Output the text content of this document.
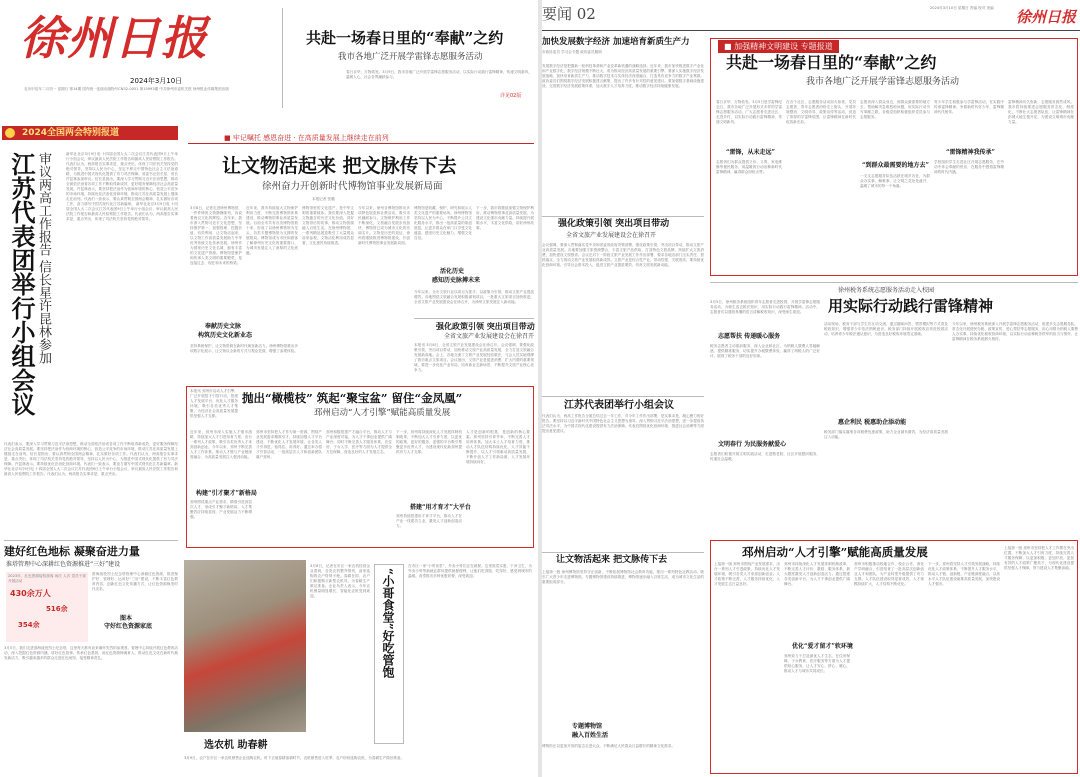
徐州日报
2024年3月10日
农历甲辰年二月初一 星期日 第14期 国内统一连续出版物号CN32-0051 第15993期 中共徐州市委机关报 徐州报业传媒集团出版
共赴一场春日里的“奉献”之约
我市各地广泛开展学雷锋志愿服务活动
春日京华，万物勃发。3月9日，我市各地广泛开展学雷锋志愿服务活动，以实际行动践行雷锋精神，传递文明新风，温暖人心，社会各界踊跃参与。
详见02版
2024全国两会特别报道	■ 牢记嘱托 感恩奋进 · 在高质量发展上继续走在前列
江苏代表团举行小组会议 审议两高工作报告 信长星许昆林参加 新华社北京3月9日电 十四届全国人大二次会议江苏代表团9日上午举行小组会议，审议最高人民法院工作报告和最高人民检察院工作报告。代表们认为，两高报告实事求是、重点突出，体现了司法机关坚持党的绝对领导，坚持以人民为中心，坚定不移走中国特色社会主义法治道路，为推进中国式现代化提供了有力司法保障。省委书记信长星、省长许昆林参加审议。信长星指出，要深入学习贯彻习近平法治思想，推动全面依法治省各项工作不断取得新成效，更好服务保障经济社会高质量发展。许昆林表示，要坚持把法治作为营商环境的核心，营造公平竞争的市场环境，持续优化法治化营商环境，推动江苏在高质量发展上继续走在前列。代表们一致表示，要认真贯彻全国两会精神，扎实做好各项工作，奋力谱写中国式现代化江苏新篇章。 新华社北京3月9日电 十四届全国人大二次会议江苏代表团9日上午举行小组会议，审议最高人民法院工作报告和最高人民检察院工作报告。代表们认为，两高报告实事求是、重点突出，体现了司法机关坚持党的绝对领导。
代表们表示，要深入学习贯彻习近平法治思想，推动全面依法治省各项工作不断取得新成效，更好服务保障经济社会高质量发展。要坚持把法治作为营商环境的核心，营造公平竞争的市场环境，推动江苏在高质量发展上继续走在前列。信长星指出，要认真贯彻全国两会精神，扎实做好各项工作。代表们认为，两高报告实事求是、重点突出，体现了司法机关坚持党的绝对领导，坚持以人民为中心，为推进中国式现代化提供了有力司法保障。许昆林表示，要持续优化法治化营商环境。代表们一致表示，要奋力谱写中国式现代化江苏新篇章。新华社北京3月9日电 十四届全国人大二次会议江苏代表团9日上午举行小组会议，审议最高人民法院工作报告和最高人民检察院工作报告。代表们认为，两高报告实事求是、重点突出。	让文物活起来 把文脉传下去
徐州奋力开创新时代博物馆事业发展新局面
本报记者 张璐
3月8日，记者走进徐州博物馆，一件件珍贵文物静静陈列，诉说着两汉文化的辉煌。近年来，我市深入贯彻习近平文化思想，坚持保护第一、加强管理、挖掘价值、有效利用、让文物活起来，以文物工作高质量发展助力中华优秀传统文化传承发展。徐州作为国家历史文化名城，拥有丰富的文化遗产资源。博物馆是保护和传承人类文明的重要殿堂，是连接过去、现在和未来的桥梁。
近年来，我市持续加大文物保护利用力度，不断完善博物馆体系建设，推动博物馆事业高质量发展。目前全市共有各类博物馆数十家，形成了以徐州博物馆为龙头、各类专题博物馆为支撑的发展格局。博物馆成为市民和游客了解徐州历史文化的重要窗口，为城市发展注入了深厚的文化底蕴。
博物馆里的文化遗产，是中华文明的重要载体。我们要深入挖掘文物蕴含的历史文化价值，讲好文物背后的故事，推动文物资源融入百姓生活。在徐州博物馆，一系列精品展览吸引了大量观众前来参观，文物活化利用成效显著，文化惠民持续推进。
今年以来，徐州各博物馆推出多项特色展览和社教活动，吸引市民踊跃参与。文物保护利用工作不断深化，文旅融合发展步伐加快，博物馆已成为城市文化的亮丽名片。文物是历史的见证，徐州将继续推进博物馆建设，开创新时代博物馆事业发展新局面。
奉献历史文脉
构筑历史文化新业态
坚持系统保护，让文物资源在新时代焕发新活力。徐州博物馆推出多项数字化展示，让文物以全新的方式与观众见面，增强了参观体验。
活化历史
感知历史脉搏未来
博物馆是收藏、保护、研究和展示人类文化遗产的重要场所。徐州博物馆坚持以人民为中心，不断提升公共文化服务水平，推出一批高质量的原创展览，让更多群众在家门口享受文化盛宴，感受历史文化魅力，增强文化自信。
下一步，我市将继续加强文物保护利用，推动博物馆事业高质量发展，为建设文化强市贡献力量。持续提升展陈水平，丰富文化供给，讲好徐州故事。
今年以来，全市文旅行业以项目为抓手，以政策为引领，推动文旅产业提质增效。各地围绕文旅融合发展积极谋划项目，一批重大文旅项目加快推进。全省文旅产业发展建设会在徐召开，为徐州文旅发展注入新动能。
强化政策引领 突出项目带动
全省文旅产业发展建设会在徐召开
本报讯 3月8日，全省文旅产业发展建设会在徐召开。会议强调，要强化政策引领，突出项目带动，加快推动文旅产业高质量发展，全力打造文旅融合发展新高地。会上，各地交流了文旅产业发展经验做法，与会人员实地观摩了我市重点文旅项目。会议指出，文旅产业是促进消费、扩大内需的重要领域，要进一步优化产业布局，培育新业态新场景，不断提升文旅产业核心竞争力。
本报讯 邳州市启动人才引擎，广泛开展招才引智行动，搭建人才发展平台，优化人才服务环境，吸引各类优秀人才集聚，为经济社会高质量发展提供坚强人才支撑。
抛出“橄榄枝” 筑起“聚宝盆” 留住“金凤凰”
邳州启动“人才引擎”赋能高质量发展
近年来，邳州市深入实施人才强市战略，持续加大人才引进培育力度，出台一系列人才政策，吸引各类优秀人才来邳创新创业。今年以来，邳州不断完善人才工作体系，推动人才链与产业链深度融合，为高质量发展注入强劲动能。
构建“引才聚才”新格局
邳州围绕重点产业需求，精准引进高层次人才，形成引才聚才新格局，人才集聚效应持续显现，产业发展活力不断增强。
邳州市坚持把人才作为第一资源，围绕产业发展需求精准引才，持续加强人才平台建设，不断优化人才发展环境，让各类人才引得进、留得住、用得好。通过举办招才引智活动，一批高层次人才和创新团队落户邳州。
邳州积极搭建产才融合平台，推动人才与产业深度对接，为人才干事创业提供广阔舞台。同时不断完善人才服务体系，在住房、子女入学、医疗等方面为人才提供全方位保障，营造良好的人才发展生态。
下一步，邳州将持续深化人才发展体制机制改革，不断加大人才引育力度，以更优的政策、更好的服务、更强的平台吸引集聚更多优秀人才，为建设现代化新邳州提供有力人才支撑。
搭建“用才育才”大平台
邳州持续搭建用才育才平台，推动人才在产业一线建功立业，激发人才创新创造活力。
人才是创新的根基，是创新的核心要素。邳州坚持引育并举，不断完善人才培养体系，加大本土人才培育力度，推动人才队伍结构持续优化，人才效能不断提升，以人才引领驱动高质量发展，不断开创人才工作新局面，人才发展环境持续向好。
建好红色地标 凝聚奋进力量
淮塔管理中心深耕红色资源推进“三好”建设
2023年，红色资源接待游客 场次 人次 党员干部 开展活动
430余万人
516余
354余
淮海战役烈士纪念塔管理中心深耕红色资源，推进保护好、管理好、运用好“三好”建设，不断丰富红色教育内容，创新红色文化传播方式，让红色资源焕发时代光彩。
图本
守好红色资源家底
3月5日，我们走进淮海战役烈士纪念塔，这里每天都有前来缅怀先烈的参观者。管理中心持续开展红色教育活动，深入挖掘红色资源内涵，讲好红色故事，传承红色基因，用红色资源铸魂育人，推动红色文化在新时代焕发新活力，吸引越来越多的群众走进红色场馆，接受精神洗礼。
选农机 助春耕
3月9日，农户在市区一家农机销售企业选购农机。时下正值春耕备耕时节，农机销售进入旺季，农户纷纷选购农机，为春耕生产做好准备。
3月8日，记者在市区一家农机经营企业看到，各类农机整齐排列，前来选购的农户络绎不绝。春耕在即，农户们积极购买新型农机具，为春耕生产做足准备。企业负责人表示，今年农机销量明显增长，智能化农机受到欢迎。
“小哥食堂”好吃管饱
在市区一家“小哥食堂”，外卖小哥们正在就餐。这里饭菜实惠、干净卫生，为外卖小哥等新就业群体提供就餐便利，让他们吃得饱、吃得好，感受到城市的温暖。食堂推出多种优惠套餐，深受欢迎。
要闻 02 2024年3月10日 星期日 责编 校对 美编	徐州日报
加快发展数字经济 加速培育新质生产力
市政协委员 学习会专题 政协委员履职
发展数字经济是把握新一轮科技革命和产业变革新机遇的战略选择。近年来，我市加快推进数字产业化和产业数字化，数字经济规模不断壮大，成为推动经济高质量发展的重要引擎。要深入实施数字经济发展战略，加快培育新质生产力，推动数字技术与实体经济深度融合，打造具有竞争力的数字产业集群。政协委员们围绕数字经济发展积极建言献策，提出了许多有针对性的意见建议。要加强数字基础设施建设，完善数字经济发展政策体系，加大数字人才培养力度，推动数字经济持续健康发展。
强化政策引领 突出项目带动
全省文旅产业发展建设会在徐召开
会议强调，要深入贯彻落实党中央和省委省政府决策部署，强化政策引领，突出项目带动，推动文旅产业高质量发展。各地要加强文旅资源整合，丰富文旅产品供给，打造特色文旅品牌，持续扩大文旅消费，加快建设文旅强省。会议还对下一阶段文旅产业发展工作作出部署，要求各地各部门压实责任、狠抓落实，全力推动文旅产业发展取得新成效。文旅产业是综合性产业，带动性强、关联度高，要持续优化营商环境，引导社会资本投入，促进文旅产业提质增效，培育文旅发展新动能。
江苏代表团举行小组会议
代表们认为，两高工作报告全面总结过去一年工作，对今年工作作出部署，是实事求是、凝心聚力的好报告。要坚持以习近平新时代中国特色社会主义思想为指导，深入贯彻习近平法治思想，进一步提高执法司法水平，为中国式现代化建设提供有力法治保障。代表们围绕优化营商环境、推进社会治理等方面提出意见建议。
让文物活起来 把文脉传下去
上接第一版 徐州博物馆坚持守正创新，不断拓展博物馆社会教育功能，推出一系列特色社教活动，吸引广大青少年走进博物馆。专题博物馆建设持续推进，博物馆逐步融入百姓生活，成为城市文化生活的重要组成部分。
专题博物馆
融入百姓生活
博物馆正以更加开放的姿态走进大众，不断满足人民群众日益增长的精神文化需求。
■ 加强精神文明建设 专题报道
共赴一场春日里的“奉献”之约
我市各地广泛开展学雷锋志愿服务活动
春日京华，万物勃发。3月5日是学雷锋纪念日，我市各地广泛开展形式多样的学雷锋志愿服务活动，广大志愿者走进社区、走进乡村，以实际行动践行雷锋精神，传递文明新风。
“雷锋，从未走远”
志愿者们为群众提供义诊、义剪、家电维修等便民服务，用温暖的行动诠释新时代雷锋精神，赢得群众纷纷点赞。
在各个社区，志愿服务活动如火如荼，党员志愿者、青年志愿者纷纷走上街头，开展环境整治、文明劝导、政策宣传等活动，营造了浓厚的学雷锋氛围，让雷锋精神在新时代绽放新光彩。
志愿者深入群众身边，到群众最需要的地方去，帮助解决急难愁盼问题，用实际行动书写奉献之歌，各级党组织积极组织党员参与志愿服务。
“到群众最需要的地方去”
一支支志愿服务队伍活跃在城乡各处，为群众办实事、解难事，让文明之花处处盛开，温暖了城市的每一个角落。
青少年学生积极参与学雷锋活动，在实践中传承雷锋精神，争做新时代好少年，雷锋精神代代相传。
“雷锋精神我传承”
学校组织学生走进社区开展志愿服务，在劳动中体会奉献的快乐，在服务中感悟雷锋精神的时代内涵。
雷锋精神历久弥新，志愿服务蔚然成风。我市将持续推进志愿服务常态化、制度化，不断壮大志愿者队伍，让雷锋精神在彭城大地生根开花，为建设文明城市贡献力量。
徐州税务系统志愿服务活动走入校园
用实际行动践行雷锋精神
3月5日，徐州税务系统组织青年志愿者走进校园，开展学雷锋志愿服务活动，为师生送去税法知识，用实际行动践行雷锋精神。活动中，志愿者们以通俗易懂的语言讲解税收知识，深受师生欢迎。
志愿帮扶 传递暖心服务
税务志愿者主动靠前服务，深入企业和社区，为纳税人缴费人答疑解惑，提供精准服务，切实提升办税缴费体验，赢得了纳税人的广泛好评，展现了税务干部的良好形象。
文明春行 为民服务献爱心
志愿者们积极开展文明实践活动，走进敬老院、社区开展慰问服务，传递社会温暖。
活动现场，税务干部与学生们互动交流，通过趣味问答、情景模拟等方式普及税收知识，增强青少年依法纳税意识。税务部门持续开展税收宣传进校园活动，培养青少年税法遵从意识，为营造良好税收环境奠定基础。
惠企利民 税惠助企添动能
税务部门落实落细各项税费优惠政策，助力企业减负增效，为经济高质量发展注入动能。
今年以来，徐州税务系统深入开展学雷锋志愿服务活动，组建多支志愿服务队，常态化开展便民办税、政策宣传、爱心帮扶等志愿服务，用心用情为纳税人缴费人办实事，持续优化税收营商环境，以实际行动诠释税务铁军的担当与情怀，让雷锋精神在税务系统薪火相传。
邳州启动“人才引擎”赋能高质量发展
上接第一版 邳州市围绕产业发展需求，出台一系列人才引进政策，持续优化人才发展环境，吸引各类人才来邳创新创业。人才政策不断完善，人才服务持续优化，人才发展生态日益良好。
邳州市持续深化人才发展体制机制改革，不断完善人才评价、激励、服务体系，最大限度激发人才创新创造活力。通过搭建各类创新平台，为人才干事创业提供广阔舞台。
优化“爱才留才”软环境
邳州致力于打造最优人才生态，在住房保障、子女教育、医疗服务等方面为人才提供贴心服务，让人才安心、舒心、暖心，推动人才与城市共同成长。
邳州市积极推动校地合作、校企合作，深化产学研融合，引进培育了一批高层次创新创业人才和团队，为产业转型升级提供了有力支撑。人才队伍建设取得显著成效，人才规模持续扩大，人才结构不断优化。
下一步，邳州将坚持人才引领发展战略，持续优化人才政策体系，不断提升人才服务水平，推动人才链、创新链、产业链深度融合，以高水平人才队伍建设助推高质量发展，加快建设人才强市。
上接第一版 邳州市坚持把人才工作摆在突出位置，不断加大人才引育力度，持续完善人才服务保障，以更加积极、更加开放、更加有效的人才政策广聚英才，为现代化建设提供坚强人才保障，努力建设人才集聚高地。
